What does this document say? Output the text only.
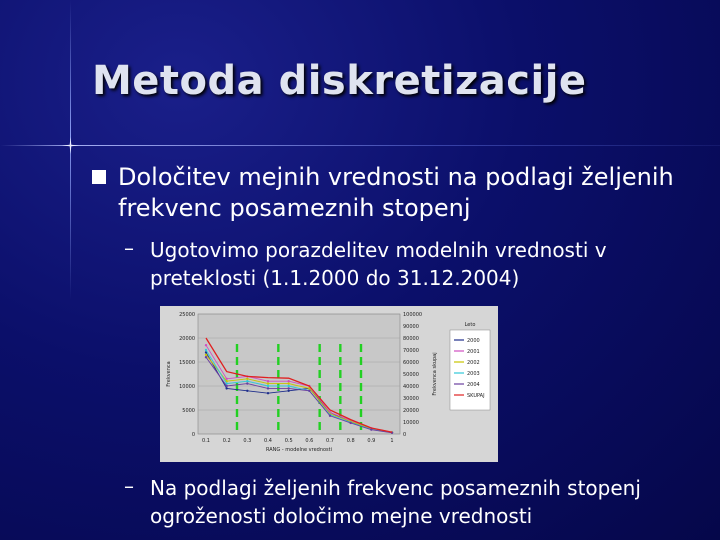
Metoda diskretizacije
Določitev mejnih vrednosti na podlagi željenih frekvenc posameznih stopenj
– Ugotovimo porazdelitev modelnih vrednosti v preteklosti (1.1.2000 do 31.12.2004)
0
5000
10000
15000
20000
25000
0
10000
20000
30000
40000
50000
60000
70000
80000
90000
100000
0.1	0.2	0.3	0.4	0.5	0.6	0.7	0.8	0.9	1
RANG - modelne vrednosti
Frekvenca	Frekvenca skupaj
Leto
2000
2001
2002
2003
2004
SKUPAJ
– Na podlagi željenih frekvenc posameznih stopenj ogroženosti določimo mejne vrednosti
